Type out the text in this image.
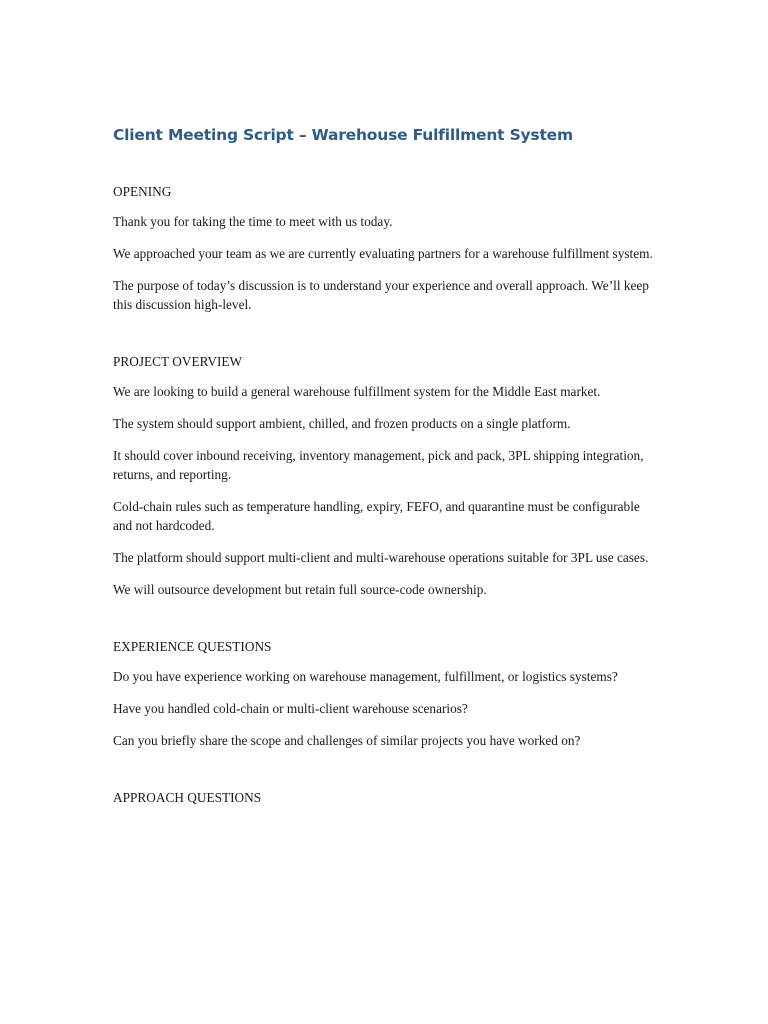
Client Meeting Script – Warehouse Fulfillment System
OPENING

Thank you for taking the time to meet with us today.

We approached your team as we are currently evaluating partners for a warehouse fulfillment system.

The purpose of today’s discussion is to understand your experience and overall approach. We’ll keep this discussion high-level.

PROJECT OVERVIEW

We are looking to build a general warehouse fulfillment system for the Middle East market.

The system should support ambient, chilled, and frozen products on a single platform.

It should cover inbound receiving, inventory management, pick and pack, 3PL shipping integration, returns, and reporting.

Cold-chain rules such as temperature handling, expiry, FEFO, and quarantine must be configurable and not hardcoded.

The platform should support multi-client and multi-warehouse operations suitable for 3PL use cases.

We will outsource development but retain full source-code ownership.

EXPERIENCE QUESTIONS

Do you have experience working on warehouse management, fulfillment, or logistics systems?

Have you handled cold-chain or multi-client warehouse scenarios?

Can you briefly share the scope and challenges of similar projects you have worked on?

APPROACH QUESTIONS
